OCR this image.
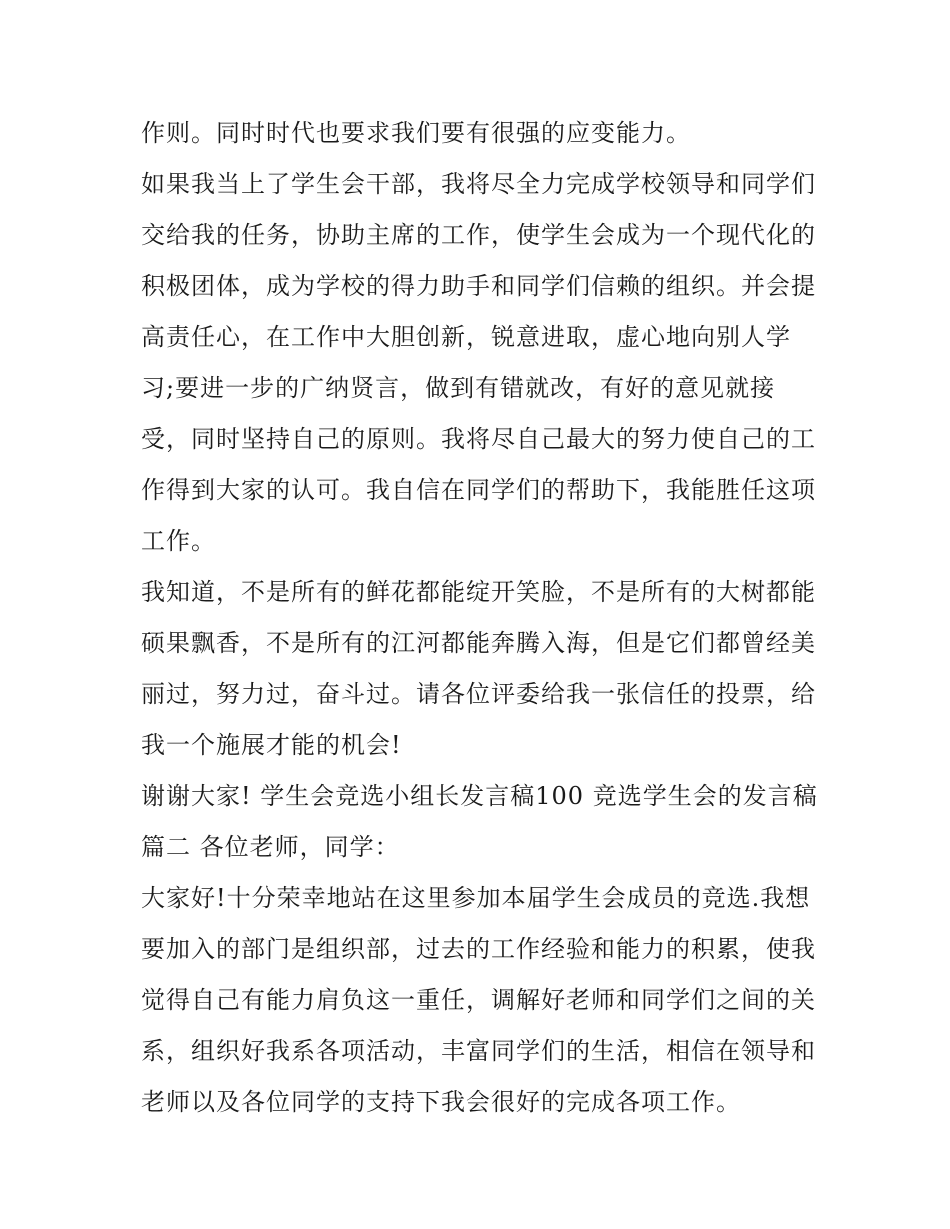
作则。同时时代也要求我们要有很强的应变能力。
如果我当上了学生会干部，我将尽全力完成学校领导和同学们
交给我的任务，协助主席的工作，使学生会成为一个现代化的
积极团体，成为学校的得力助手和同学们信赖的组织。并会提
高责任心，在工作中大胆创新，锐意进取，虚心地向别人学
习;要进一步的广纳贤言，做到有错就改，有好的意见就接
受，同时坚持自己的原则。我将尽自己最大的努力使自己的工
作得到大家的认可。我自信在同学们的帮助下，我能胜任这项
工作。
我知道，不是所有的鲜花都能绽开笑脸，不是所有的大树都能
硕果飘香，不是所有的江河都能奔腾入海，但是它们都曾经美
丽过，努力过，奋斗过。请各位评委给我一张信任的投票，给
我一个施展才能的机会!
谢谢大家! 学生会竞选小组长发言稿100 竞选学生会的发言稿
篇二 各位老师，同学：
大家好!十分荣幸地站在这里参加本届学生会成员的竞选.我想
要加入的部门是组织部，过去的工作经验和能力的积累，使我
觉得自己有能力肩负这一重任，调解好老师和同学们之间的关
系，组织好我系各项活动，丰富同学们的生活，相信在领导和
老师以及各位同学的支持下我会很好的完成各项工作。
